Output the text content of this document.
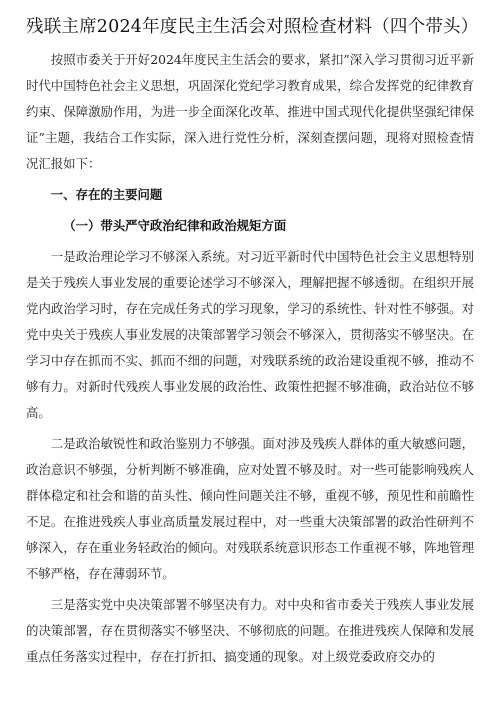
残联主席2024年度民主生活会对照检查材料（四个带头）

按照市委关于开好2024年度民主生活会的要求，紧扣”深入学习贯彻习近平新时代中国特色社会主义思想，巩固深化党纪学习教育成果，综合发挥党的纪律教育约束、保障激励作用，为进一步全面深化改革、推进中国式现代化提供坚强纪律保证”主题，我结合工作实际，深入进行党性分析，深刻查摆问题，现将对照检查情况汇报如下：

一、存在的主要问题

（一）带头严守政治纪律和政治规矩方面

一是政治理论学习不够深入系统。对习近平新时代中国特色社会主义思想特别是关于残疾人事业发展的重要论述学习不够深入，理解把握不够透彻。在组织开展党内政治学习时，存在完成任务式的学习现象，学习的系统性、针对性不够强。对党中央关于残疾人事业发展的决策部署学习领会不够深入，贯彻落实不够坚决。在学习中存在抓而不实、抓而不细的问题，对残联系统的政治建设重视不够，推动不够有力。对新时代残疾人事业发展的政治性、政策性把握不够准确，政治站位不够高。

二是政治敏锐性和政治鉴别力不够强。面对涉及残疾人群体的重大敏感问题，政治意识不够强，分析判断不够准确，应对处置不够及时。对一些可能影响残疾人群体稳定和社会和谐的苗头性、倾向性问题关注不够，重视不够，预见性和前瞻性不足。在推进残疾人事业高质量发展过程中，对一些重大决策部署的政治性研判不够深入，存在重业务轻政治的倾向。对残联系统意识形态工作重视不够，阵地管理不够严格，存在薄弱环节。

三是落实党中央决策部署不够坚决有力。对中央和省市委关于残疾人事业发展的决策部署，存在贯彻落实不够坚决、不够彻底的问题。在推进残疾人保障和发展重点任务落实过程中，存在打折扣、搞变通的现象。对上级党委政府交办的
